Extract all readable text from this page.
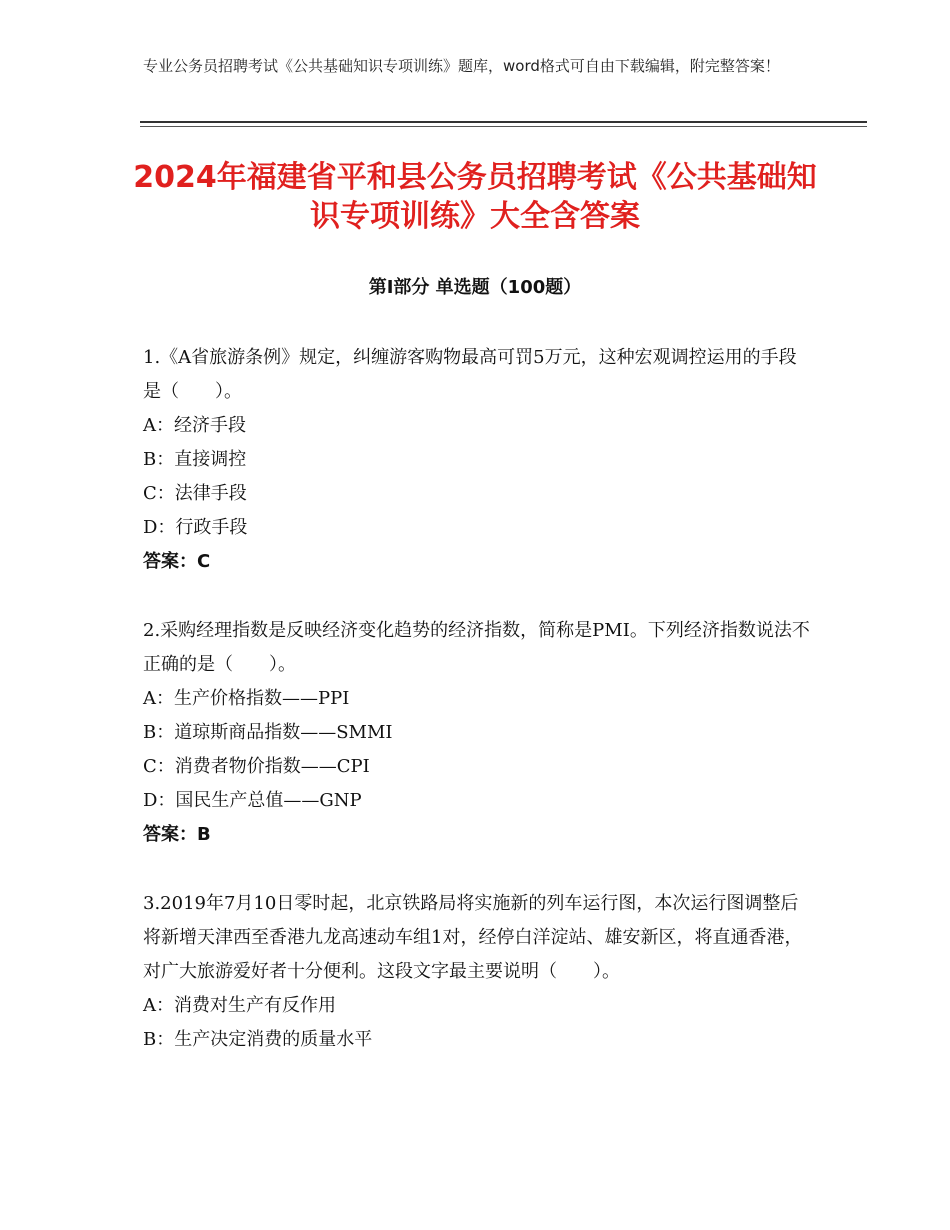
专业公务员招聘考试《公共基础知识专项训练》题库，word格式可自由下载编辑，附完整答案！
2024年福建省平和县公务员招聘考试《公共基础知识专项训练》大全含答案
第Ⅰ部分 单选题（100题）

1.《A省旅游条例》规定，纠缠游客购物最高可罚5万元，这种宏观调控运用的手段是（　　）。

A：经济手段

B：直接调控

C：法律手段

D：行政手段

答案：C

2.采购经理指数是反映经济变化趋势的经济指数，简称是PMI。下列经济指数说法不正确的是（　　）。

A：生产价格指数——PPI

B：道琼斯商品指数——SMMI

C：消费者物价指数——CPI

D：国民生产总值——GNP

答案：B

3.2019年7月10日零时起，北京铁路局将实施新的列车运行图，本次运行图调整后将新增天津西至香港九龙高速动车组1对，经停白洋淀站、雄安新区，将直通香港，对广大旅游爱好者十分便利。这段文字最主要说明（　　）。

A：消费对生产有反作用

B：生产决定消费的质量水平
